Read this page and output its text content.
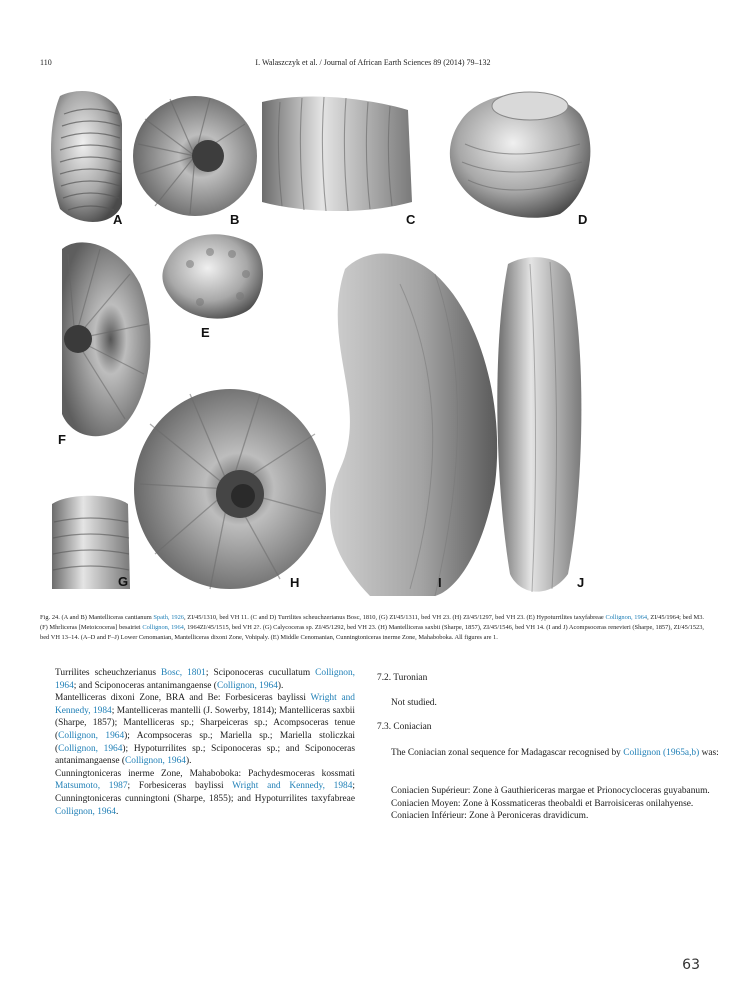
110	I. Walaszczyk et al. / Journal of African Earth Sciences 89 (2014) 79–132
A	B	C	D
E
F
G	H	I	J
Fig. 24. (A and B) Mantelliceras cantianum Spath, 1926, ZI/45/1310, bed VH 11. (C and D) Turrilites scheuchzerianus Bosc, 1810, (G) ZI/45/1311, bed VH 23. (H) ZI/45/1297, bed VH 23. (E) Hypoturrilites taxyfabreae Collignon, 1964, ZI/45/1964; bed M3. (F) Mhrliceras [Metoicoceras] besairiei Collignon, 1964, 1964ZI/45/1515, bed VH 2?. (G) Calycoceras sp. ZI/45/1292, bed VH 23. (H) Mantelliceras saxbii (Sharpe, 1857), ZI/45/1546, bed VH 14. (I and J) Acompsoceras renevieri (Sharpe, 1857), ZI/45/1523, bed VH 13–14. (A–D and F–J) Lower Cenomanian, Mantelliceras dixoni Zone, Vohipaly. (E) Middle Cenomanian, Cunningtoniceras inerme Zone, Mahaboboka. All figures are 1.

Turrilites scheuchzerianus Bosc, 1801; Sciponoceras cucullatum Collignon, 1964; and Sciponoceras antanimangaense (Collignon, 1964).

Mantelliceras dixoni Zone, BRA and Be: Forbesiceras baylissi Wright and Kennedy, 1984; Mantelliceras mantelli (J. Sowerby, 1814); Mantelliceras saxbii (Sharpe, 1857); Mantelliceras sp.; Sharpeiceras sp.; Acompsoceras tenue (Collignon, 1964); Acompsoceras sp.; Mariella sp.; Mariella stoliczkai (Collignon, 1964); Hypoturrilites sp.; Sciponoceras sp.; and Sciponoceras antanimangaense (Collignon, 1964).

Cunningtoniceras inerme Zone, Mahaboboka: Pachydesmoceras kossmati Matsumoto, 1987; Forbesiceras baylissi Wright and Kennedy, 1984; Cunningtoniceras cunningtoni (Sharpe, 1855); and Hypoturrilites taxyfabreae Collignon, 1964.

7.2. Turonian

Not studied.

7.3. Coniacian

The Coniacian zonal sequence for Madagascar recognised by Collignon (1965a,b) was:

Coniacien Supérieur: Zone à Gauthiericeras margae et Prionocycloceras guyabanum.

Coniacien Moyen: Zone à Kossmaticeras theobaldi et Barroisiceras onilahyense.

Coniacien Inférieur: Zone à Peroniceras dravidicum.

63
